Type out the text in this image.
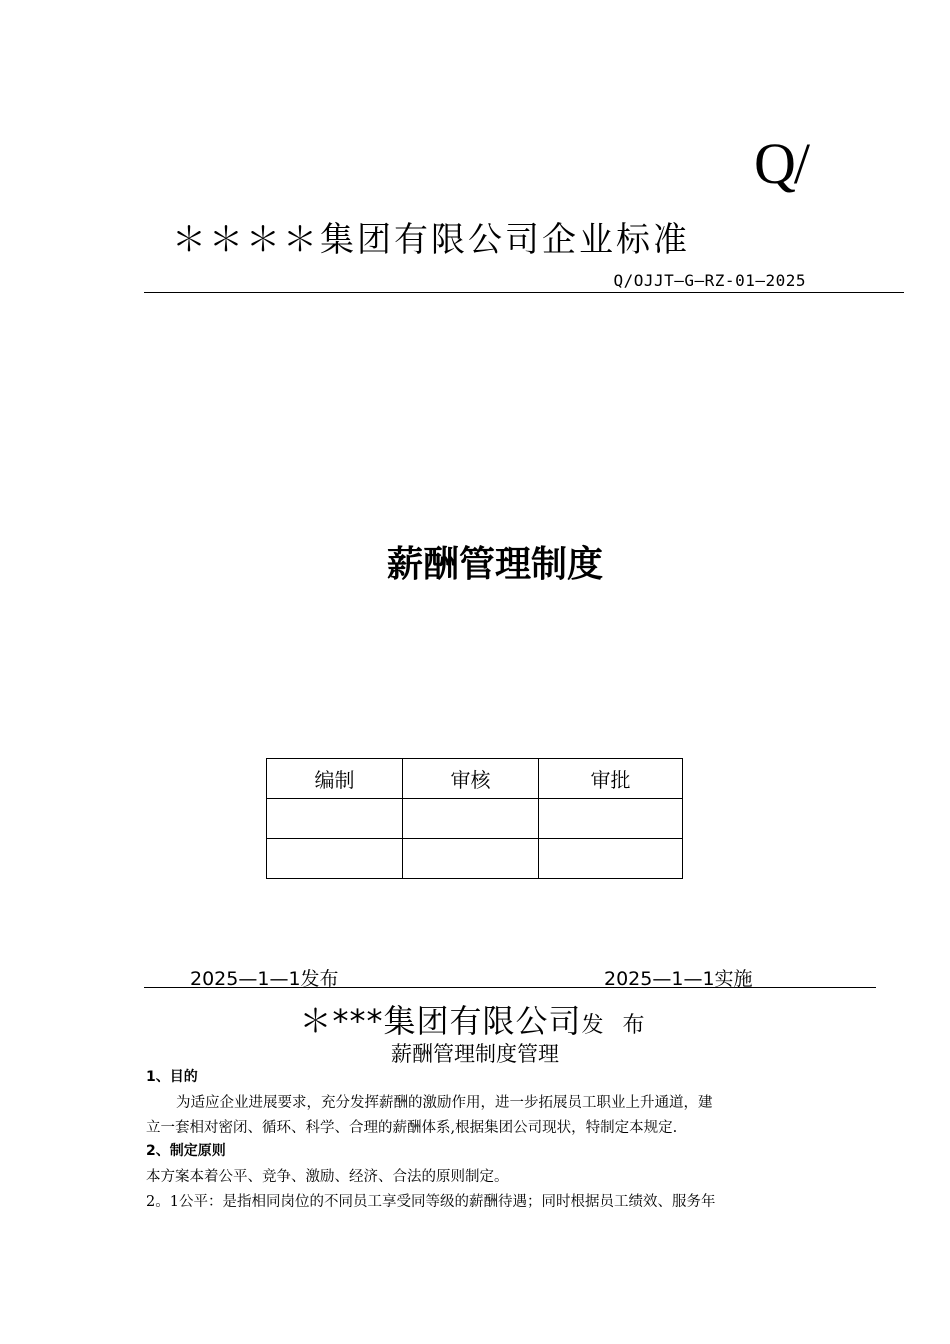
Q/
＊＊＊＊集团有限公司企业标准
Q/OJJT—G—RZ-01—2025
薪酬管理制度
编制	审核	审批

2025—1—1发布	2025—1—1实施
＊***集团有限公司发 布
薪酬管理制度管理
1、目的
为适应企业进展要求，充分发挥薪酬的激励作用，进一步拓展员工职业上升通道，建
立一套相对密闭、循环、科学、合理的薪酬体系,根据集团公司现状，特制定本规定.
2、制定原则
本方案本着公平、竞争、激励、经济、合法的原则制定。
2。1公平：是指相同岗位的不同员工享受同等级的薪酬待遇；同时根据员工绩效、服务年
